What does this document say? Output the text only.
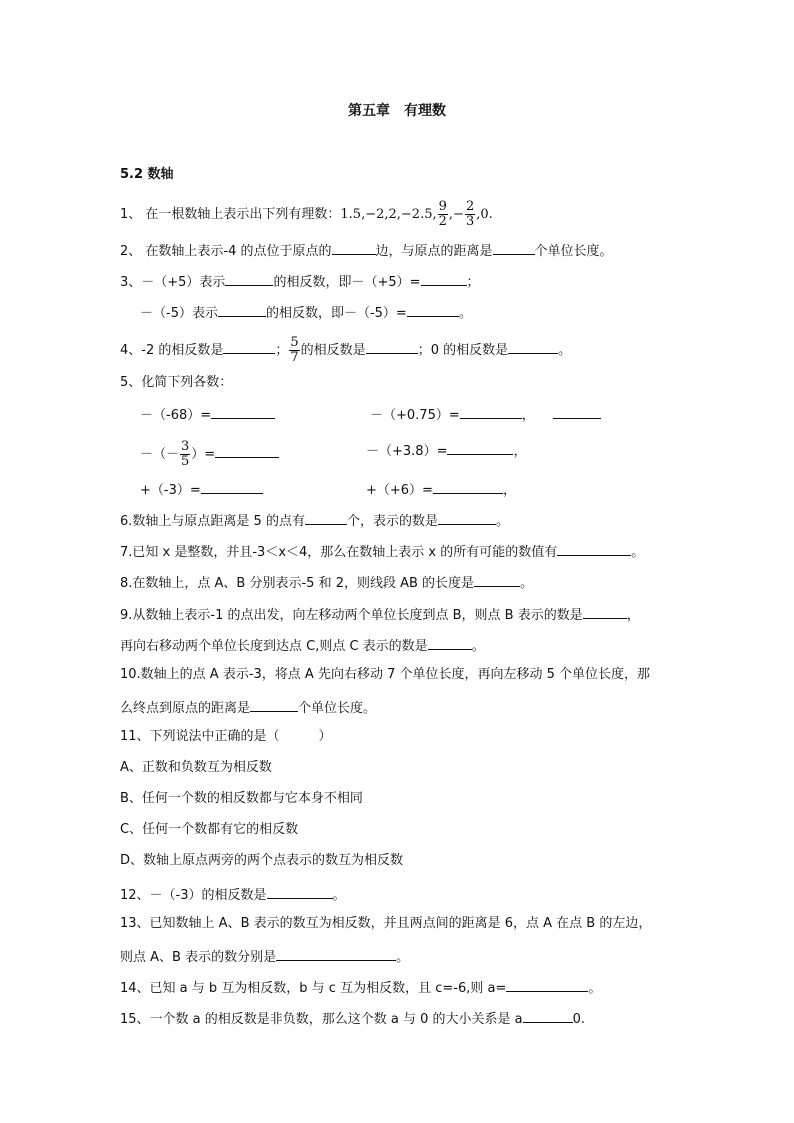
第五章　有理数
5.2 数轴
1、 在一根数轴上表示出下列有理数：1.5,−2,2,−2.5, $\frac{9}{2}$ ,− $\frac{2}{3} ,0$.
2、 在数轴上表示-4 的点位于原点的	边，与原点的距离是	个单位长度。
3、－（+5）表示	的相反数，即－（+5）=	；
－（-5）表示	的相反数，即－（-5）=	。
4、-2 的相反数是	； $\frac{5}{7}$ 的相反数是	；0 的相反数是	。
5、化简下列各数：
－（-68）=	－（+0.75）=	，
－（－ $\frac{3}{5}$ ）=	－（+3.8）=	，
+（-3）=	+（+6）=	，
6.数轴上与原点距离是 5 的点有	个，表示的数是	。
7.已知 x 是整数，并且-3＜x＜4，那么在数轴上表示 x 的所有可能的数值有	。
8.在数轴上，点 A、B 分别表示-5 和 2，则线段 AB 的长度是	。
9.从数轴上表示-1 的点出发，向左移动两个单位长度到点 B，则点 B 表示的数是	，
再向右移动两个单位长度到达点 C,则点 C 表示的数是	。
10.数轴上的点 A 表示-3，将点 A 先向右移动 7 个单位长度，再向左移动 5 个单位长度，那
么终点到原点的距离是	个单位长度。
11、下列说法中正确的是（　　　）
A、正数和负数互为相反数
B、任何一个数的相反数都与它本身不相同
C、任何一个数都有它的相反数
D、数轴上原点两旁的两个点表示的数互为相反数
12、－（-3）的相反数是	。
13、已知数轴上 A、B 表示的数互为相反数，并且两点间的距离是 6，点 A 在点 B 的左边，
则点 A、B 表示的数分别是	。
14、已知 a 与 b 互为相反数，b 与 c 互为相反数，且 c=-6,则 a=	。
15、一个数 a 的相反数是非负数，那么这个数 a 与 0 的大小关系是 a	0.
